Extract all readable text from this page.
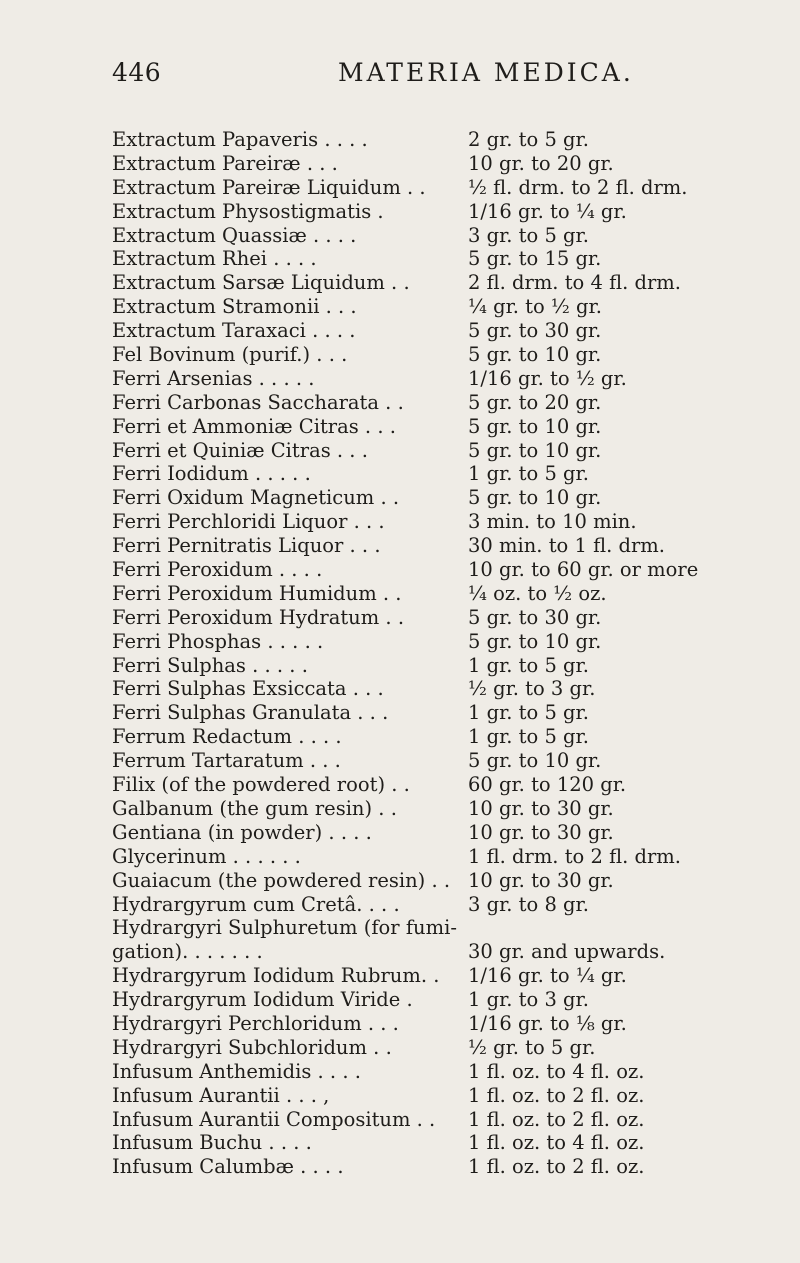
446	MATERIA MEDICA.
Extractum Papaveris . . . .	2 gr. to 5 gr.
Extractum Pareiræ . . .	10 gr. to 20 gr.
Extractum Pareiræ Liquidum . .	½ fl. drm. to 2 fl. drm.
Extractum Physostigmatis .	1/16 gr. to ¼ gr.
Extractum Quassiæ . . . .	3 gr. to 5 gr.
Extractum Rhei . . . .	5 gr. to 15 gr.
Extractum Sarsæ Liquidum . .	2 fl. drm. to 4 fl. drm.
Extractum Stramonii . . .	¼ gr. to ½ gr.
Extractum Taraxaci . . . .	5 gr. to 30 gr.
Fel Bovinum (purif.) . . .	5 gr. to 10 gr.
Ferri Arsenias . . . . .	1/16 gr. to ½ gr.
Ferri Carbonas Saccharata . .	5 gr. to 20 gr.
Ferri et Ammoniæ Citras . . .	5 gr. to 10 gr.
Ferri et Quiniæ Citras . . .	5 gr. to 10 gr.
Ferri Iodidum . . . . .	1 gr. to 5 gr.
Ferri Oxidum Magneticum . .	5 gr. to 10 gr.
Ferri Perchloridi Liquor . . .	3 min. to 10 min.
Ferri Pernitratis Liquor . . .	30 min. to 1 fl. drm.
Ferri Peroxidum . . . .	10 gr. to 60 gr. or more
Ferri Peroxidum Humidum . .	¼ oz. to ½ oz.
Ferri Peroxidum Hydratum . .	5 gr. to 30 gr.
Ferri Phosphas . . . . .	5 gr. to 10 gr.
Ferri Sulphas . . . . .	1 gr. to 5 gr.
Ferri Sulphas Exsiccata . . .	½ gr. to 3 gr.
Ferri Sulphas Granulata . . .	1 gr. to 5 gr.
Ferrum Redactum . . . .	1 gr. to 5 gr.
Ferrum Tartaratum . . .	5 gr. to 10 gr.
Filix (of the powdered root) . .	60 gr. to 120 gr.
Galbanum (the gum resin) . .	10 gr. to 30 gr.
Gentiana (in powder) . . . .	10 gr. to 30 gr.
Glycerinum . . . . . .	1 fl. drm. to 2 fl. drm.
Guaiacum (the powdered resin) . . 10 gr. to 30 gr.
Hydrargyrum cum Cretâ. . . .	3 gr. to 8 gr.
Hydrargyri Sulphuretum (for fumi-
gation). . . . . . .	30 gr. and upwards.
Hydrargyrum Iodidum Rubrum. .	1/16 gr. to ¼ gr.
Hydrargyrum Iodidum Viride .	1 gr. to 3 gr.
Hydrargyri Perchloridum . . .	1/16 gr. to ⅛ gr.
Hydrargyri Subchloridum . .	½ gr. to 5 gr.
Infusum Anthemidis . . . .	1 fl. oz. to 4 fl. oz.
Infusum Aurantii . . . ,	1 fl. oz. to 2 fl. oz.
Infusum Aurantii Compositum . .	1 fl. oz. to 2 fl. oz.
Infusum Buchu . . . .	1 fl. oz. to 4 fl. oz.
Infusum Calumbæ . . . .	1 fl. oz. to 2 fl. oz.
